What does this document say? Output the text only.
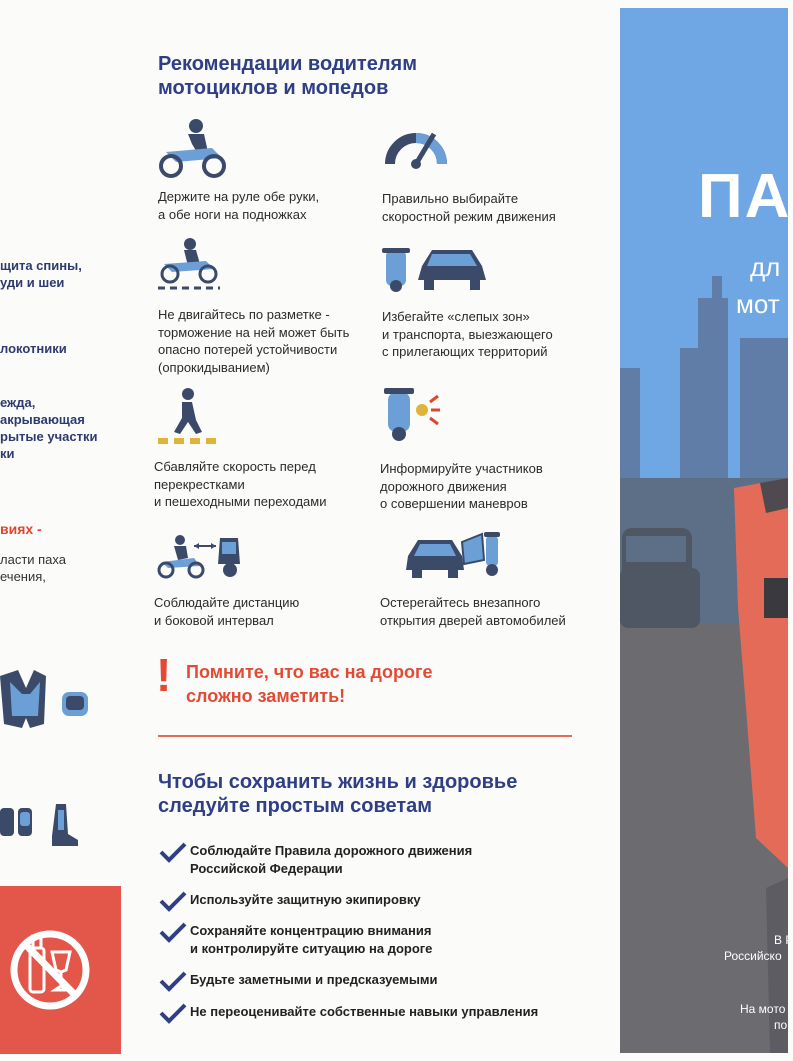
щита спины,
уди и шеи
локотники
ежда,
акрывающая
рытые участки
ки
виях -
ласти паха
ечения,
Рекомендации водителям
мотоциклов и мопедов
Держите на руле обе руки,
а обе ноги на подножках
Правильно выбирайте
скоростной режим движения
Не двигайтесь по разметке -
торможение на ней может быть
опасно потерей устойчивости
(опрокидыванием)
Избегайте «слепых зон»
и транспорта, выезжающего
с прилегающих территорий
Сбавляйте скорость перед
перекрестками
и пешеходными переходами
Информируйте участников
дорожного движения
о совершении маневров
Соблюдайте дистанцию
и боковой интервал
Остерегайтесь внезапного
открытия дверей автомобилей
! Помните, что вас на дороге
сложно заметить!
Чтобы сохранить жизнь и здоровье
следуйте простым советам
Соблюдайте Правила дорожного движения
Российской Федерации
Используйте защитную экипировку
Сохраняйте концентрацию внимания
и контролируйте ситуацию на дороге
Будьте заметными и предсказуемыми
Не переоценивайте собственные навыки управления
ПА
дл
мот
В Р
Российско
На мото
по
